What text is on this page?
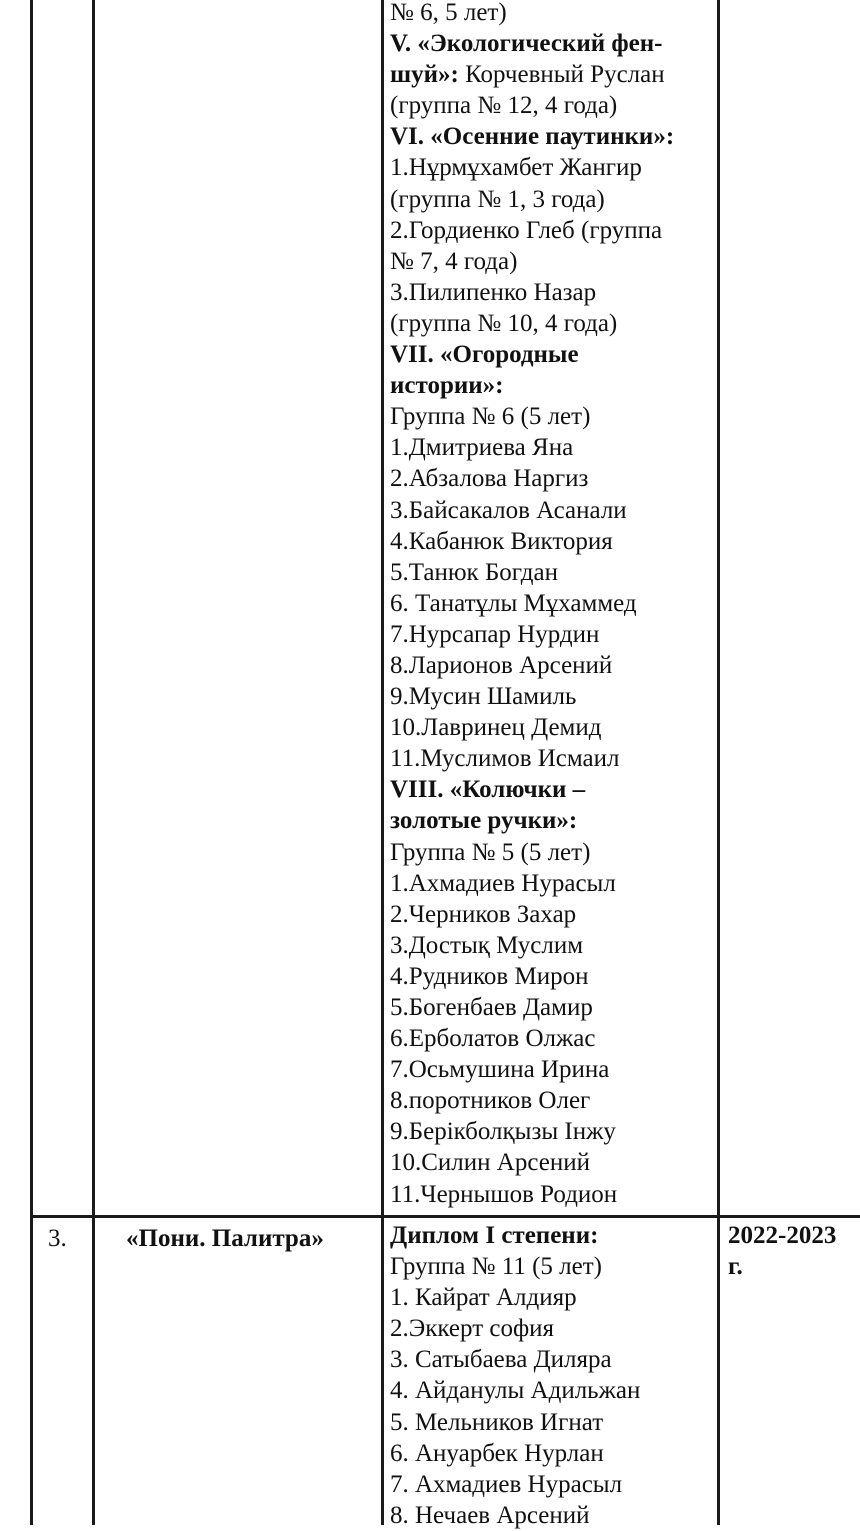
№ 6, 5 лет)
V. «Экологический фен-
шуй»: Корчевный Руслан
(группа № 12, 4 года)
VI. «Осенние паутинки»:
1.Нұрмұхамбет Жангир
(группа № 1, 3 года)
2.Гордиенко Глеб (группа
№ 7, 4 года)
3.Пилипенко Назар
(группа № 10, 4 года)
VII. «Огородные
истории»:
Группа № 6 (5 лет)
1.Дмитриева Яна
2.Абзалова Наргиз
3.Байсакалов Асанали
4.Кабанюк Виктория
5.Танюк Богдан
6. Танатұлы Мұхаммед
7.Нурсапар Нурдин
8.Ларионов Арсений
9.Мусин Шамиль
10.Лавринец Демид
11.Муслимов Исмаил
VIII. «Колючки –
золотые ручки»:
Группа № 5 (5 лет)
1.Ахмадиев Нурасыл
2.Черников Захар
3.Достық Муслим
4.Рудников Мирон
5.Богенбаев Дамир
6.Ерболатов Олжас
7.Осьмушина Ирина
8.поротников Олег
9.Берікболқызы Інжу
10.Силин Арсений
11.Чернышов Родион
3. «Пони. Палитра»	2022-2023
г.
Диплом I степени:
Группа № 11 (5 лет)
1. Кайрат Алдияр
2.Эккерт софия
3. Сатыбаева Диляра
4. Айданулы Адильжан
5. Мельников Игнат
6. Ануарбек Нурлан
7. Ахмадиев Нурасыл
8. Нечаев Арсений
